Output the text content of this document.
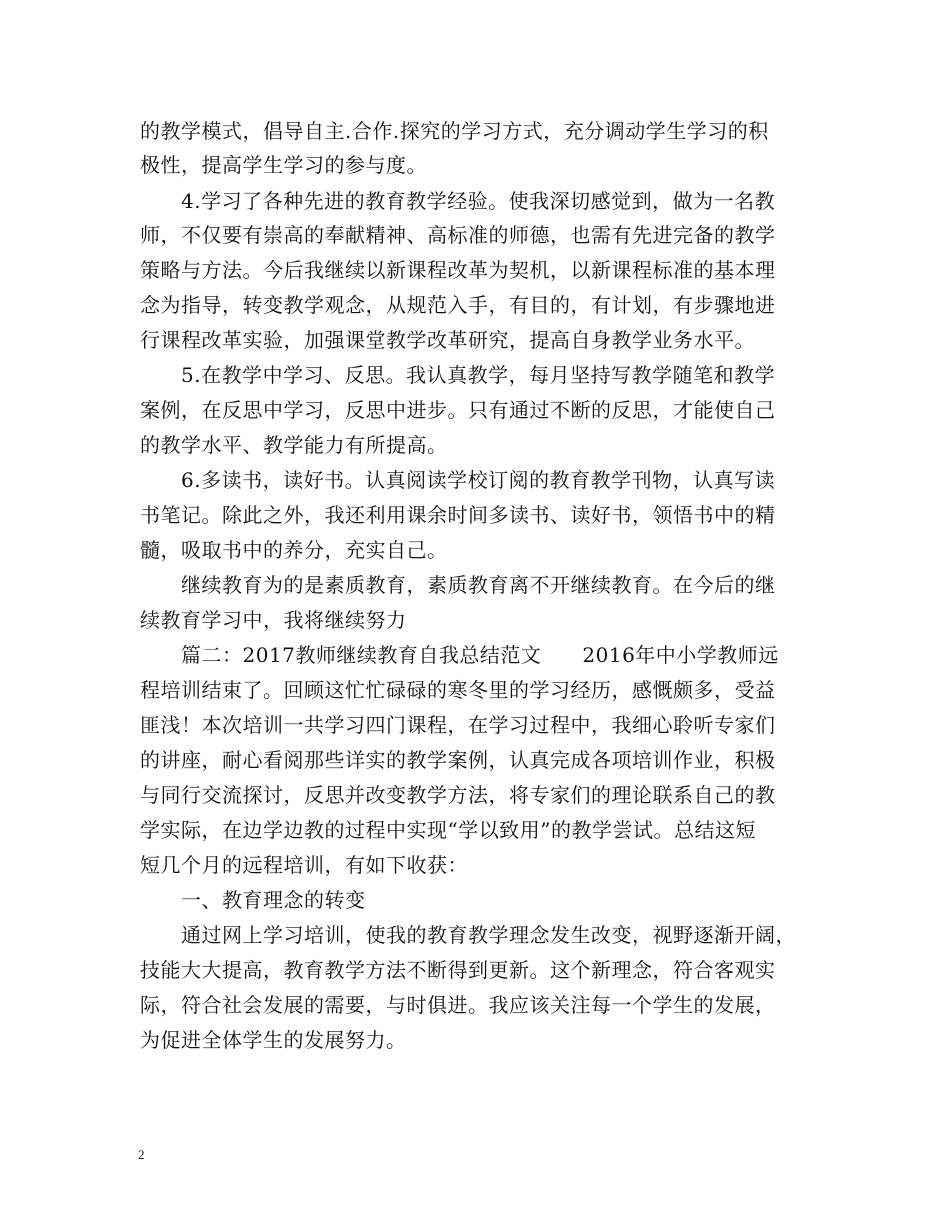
的教学模式，倡导自主.合作.探究的学习方式，充分调动学生学习的积
极性，提高学生学习的参与度。
4.学习了各种先进的教育教学经验。使我深切感觉到，做为一名教
师，不仅要有崇高的奉献精神、高标准的师德，也需有先进完备的教学
策略与方法。今后我继续以新课程改革为契机，以新课程标准的基本理
念为指导，转变教学观念，从规范入手，有目的，有计划，有步骤地进
行课程改革实验，加强课堂教学改革研究，提高自身教学业务水平。
5.在教学中学习、反思。我认真教学，每月坚持写教学随笔和教学
案例，在反思中学习，反思中进步。只有通过不断的反思，才能使自己
的教学水平、教学能力有所提高。
6.多读书，读好书。认真阅读学校订阅的教育教学刊物，认真写读
书笔记。除此之外，我还利用课余时间多读书、读好书，领悟书中的精
髓，吸取书中的养分，充实自己。
继续教育为的是素质教育，素质教育离不开继续教育。在今后的继
续教育学习中，我将继续努力
篇二：2017教师继续教育自我总结范文　　2016年中小学教师远
程培训结束了。回顾这忙忙碌碌的寒冬里的学习经历，感慨颇多，受益
匪浅！本次培训一共学习四门课程，在学习过程中，我细心聆听专家们
的讲座，耐心看阅那些详实的教学案例，认真完成各项培训作业，积极
与同行交流探讨，反思并改变教学方法，将专家们的理论联系自己的教
学实际，在边学边教的过程中实现“学以致用”的教学尝试。总结这短
短几个月的远程培训，有如下收获：
一、教育理念的转变
通过网上学习培训，使我的教育教学理念发生改变，视野逐渐开阔，
技能大大提高，教育教学方法不断得到更新。这个新理念，符合客观实
际，符合社会发展的需要，与时俱进。我应该关注每一个学生的发展，
为促进全体学生的发展努力。
2
